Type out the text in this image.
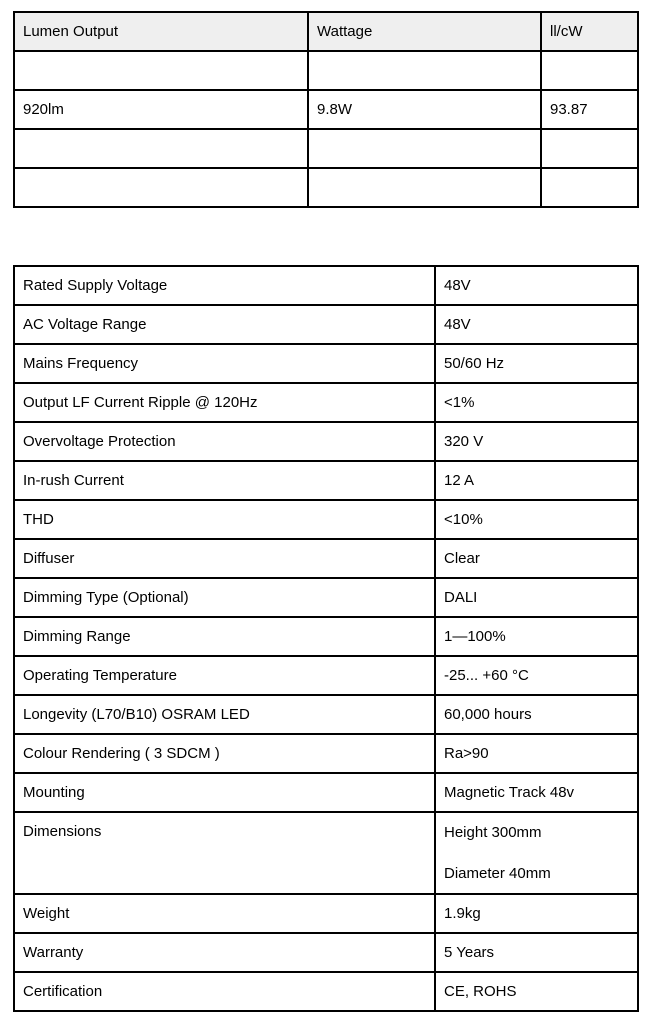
Lumen Output	Wattage	ll/cW

920lm	9.8W	93.87

Rated Supply Voltage	48V
AC Voltage Range	48V
Mains Frequency	50/60 Hz
Output LF Current Ripple @ 120Hz	<1%
Overvoltage Protection	320 V
In-rush Current	12 A
THD	<10%
Diffuser	Clear
Dimming Type (Optional)	DALI
Dimming Range	1—100%
Operating Temperature	-25... +60 °C
Longevity (L70/B10) OSRAM LED	60,000 hours
Colour Rendering ( 3 SDCM )	Ra>90
Mounting	Magnetic Track 48v
Dimensions	Height 300mm
Diameter 40mm

Weight	1.9kg
Warranty	5 Years
Certification	CE, ROHS
